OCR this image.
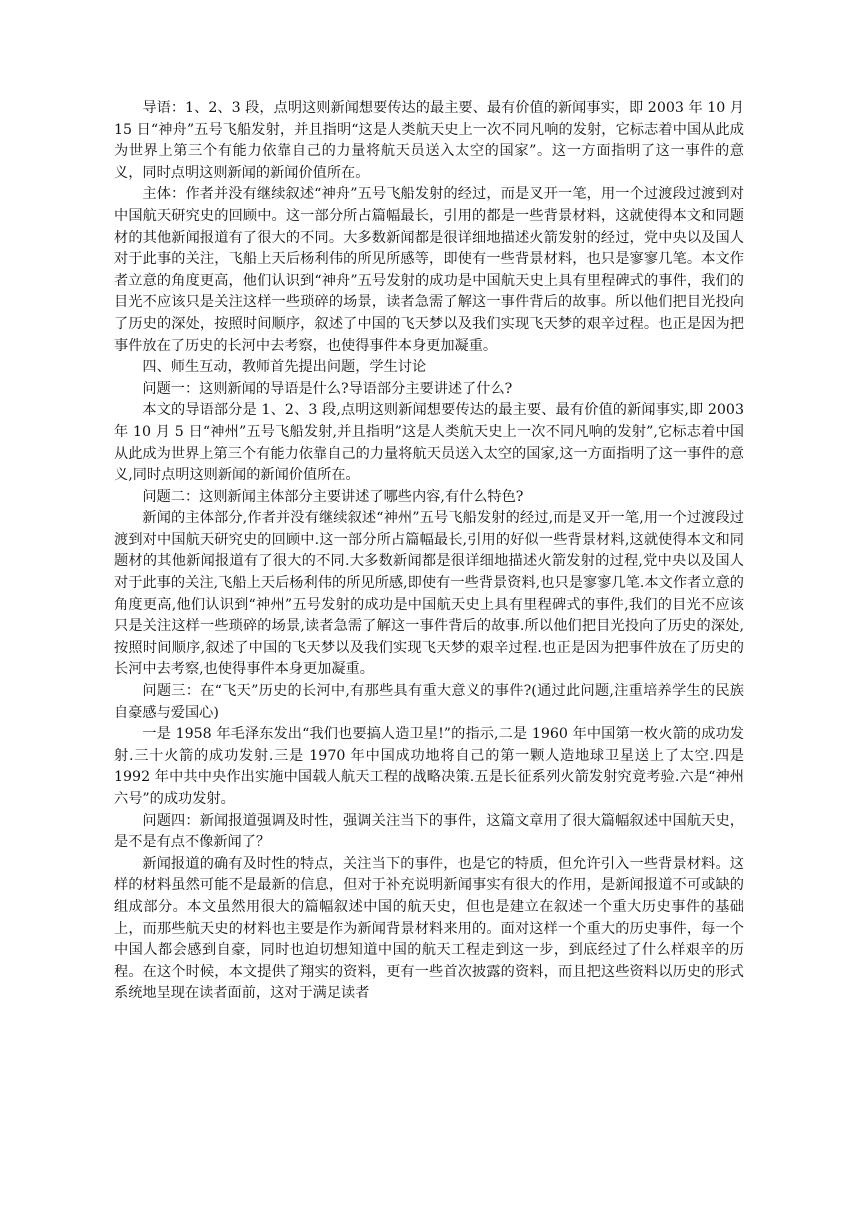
导语：1、2、3 段，点明这则新闻想要传达的最主要、最有价值的新闻事实，即 2003 年 10 月 15 日“神舟”五号飞船发射，并且指明“这是人类航天史上一次不同凡响的发射，它标志着中国从此成为世界上第三个有能力依靠自己的力量将航天员送入太空的国家”。这一方面指明了这一事件的意义，同时点明这则新闻的新闻价值所在。

主体：作者并没有继续叙述“神舟”五号飞船发射的经过，而是叉开一笔，用一个过渡段过渡到对中国航天研究史的回顾中。这一部分所占篇幅最长，引用的都是一些背景材料，这就使得本文和同题材的其他新闻报道有了很大的不同。大多数新闻都是很详细地描述火箭发射的经过，党中央以及国人对于此事的关注，飞船上天后杨利伟的所见所感等，即使有一些背景材料，也只是寥寥几笔。本文作者立意的角度更高，他们认识到“神舟”五号发射的成功是中国航天史上具有里程碑式的事件，我们的目光不应该只是关注这样一些琐碎的场景，读者急需了解这一事件背后的故事。所以他们把目光投向了历史的深处，按照时间顺序，叙述了中国的飞天梦以及我们实现飞天梦的艰辛过程。也正是因为把事件放在了历史的长河中去考察，也使得事件本身更加凝重。

四、师生互动，教师首先提出问题，学生讨论

问题一：这则新闻的导语是什么?导语部分主要讲述了什么?

本文的导语部分是 1、2、3 段,点明这则新闻想要传达的最主要、最有价值的新闻事实,即 2003 年 10 月 5 日“神州”五号飞船发射,并且指明”这是人类航天史上一次不同凡响的发射”,它标志着中国从此成为世界上第三个有能力依靠自己的力量将航天员送入太空的国家,这一方面指明了这一事件的意义,同时点明这则新闻的新闻价值所在。

问题二：这则新闻主体部分主要讲述了哪些内容,有什么特色?

新闻的主体部分,作者并没有继续叙述“神州”五号飞船发射的经过,而是叉开一笔,用一个过渡段过渡到对中国航天研究史的回顾中.这一部分所占篇幅最长,引用的好似一些背景材料,这就使得本文和同题材的其他新闻报道有了很大的不同.大多数新闻都是很详细地描述火箭发射的过程,党中央以及国人对于此事的关注,飞船上天后杨利伟的所见所感,即使有一些背景资料,也只是寥寥几笔.本文作者立意的角度更高,他们认识到“神州”五号发射的成功是中国航天史上具有里程碑式的事件,我们的目光不应该只是关注这样一些琐碎的场景,读者急需了解这一事件背后的故事.所以他们把目光投向了历史的深处,按照时间顺序,叙述了中国的飞天梦以及我们实现飞天梦的艰辛过程.也正是因为把事件放在了历史的长河中去考察,也使得事件本身更加凝重。

问题三：在“飞天”历史的长河中,有那些具有重大意义的事件?(通过此问题,注重培养学生的民族自豪感与爱国心)

一是 1958 年毛泽东发出“我们也要搞人造卫星!”的指示,二是 1960 年中国第一枚火箭的成功发射.三十火箭的成功发射.三是 1970 年中国成功地将自己的第一颗人造地球卫星送上了太空.四是 1992 年中共中央作出实施中国载人航天工程的战略决策.五是长征系列火箭发射究竟考验.六是“神州六号”的成功发射。

问题四：新闻报道强调及时性，强调关注当下的事件，这篇文章用了很大篇幅叙述中国航天史，是不是有点不像新闻了？

新闻报道的确有及时性的特点，关注当下的事件，也是它的特质，但允许引入一些背景材料。这样的材料虽然可能不是最新的信息，但对于补充说明新闻事实有很大的作用，是新闻报道不可或缺的组成部分。本文虽然用很大的篇幅叙述中国的航天史，但也是建立在叙述一个重大历史事件的基础上，而那些航天史的材料也主要是作为新闻背景材料来用的。面对这样一个重大的历史事件，每一个中国人都会感到自豪，同时也迫切想知道中国的航天工程走到这一步，到底经过了什么样艰辛的历程。在这个时候，本文提供了翔实的资料，更有一些首次披露的资料，而且把这些资料以历史的形式系统地呈现在读者面前，这对于满足读者
